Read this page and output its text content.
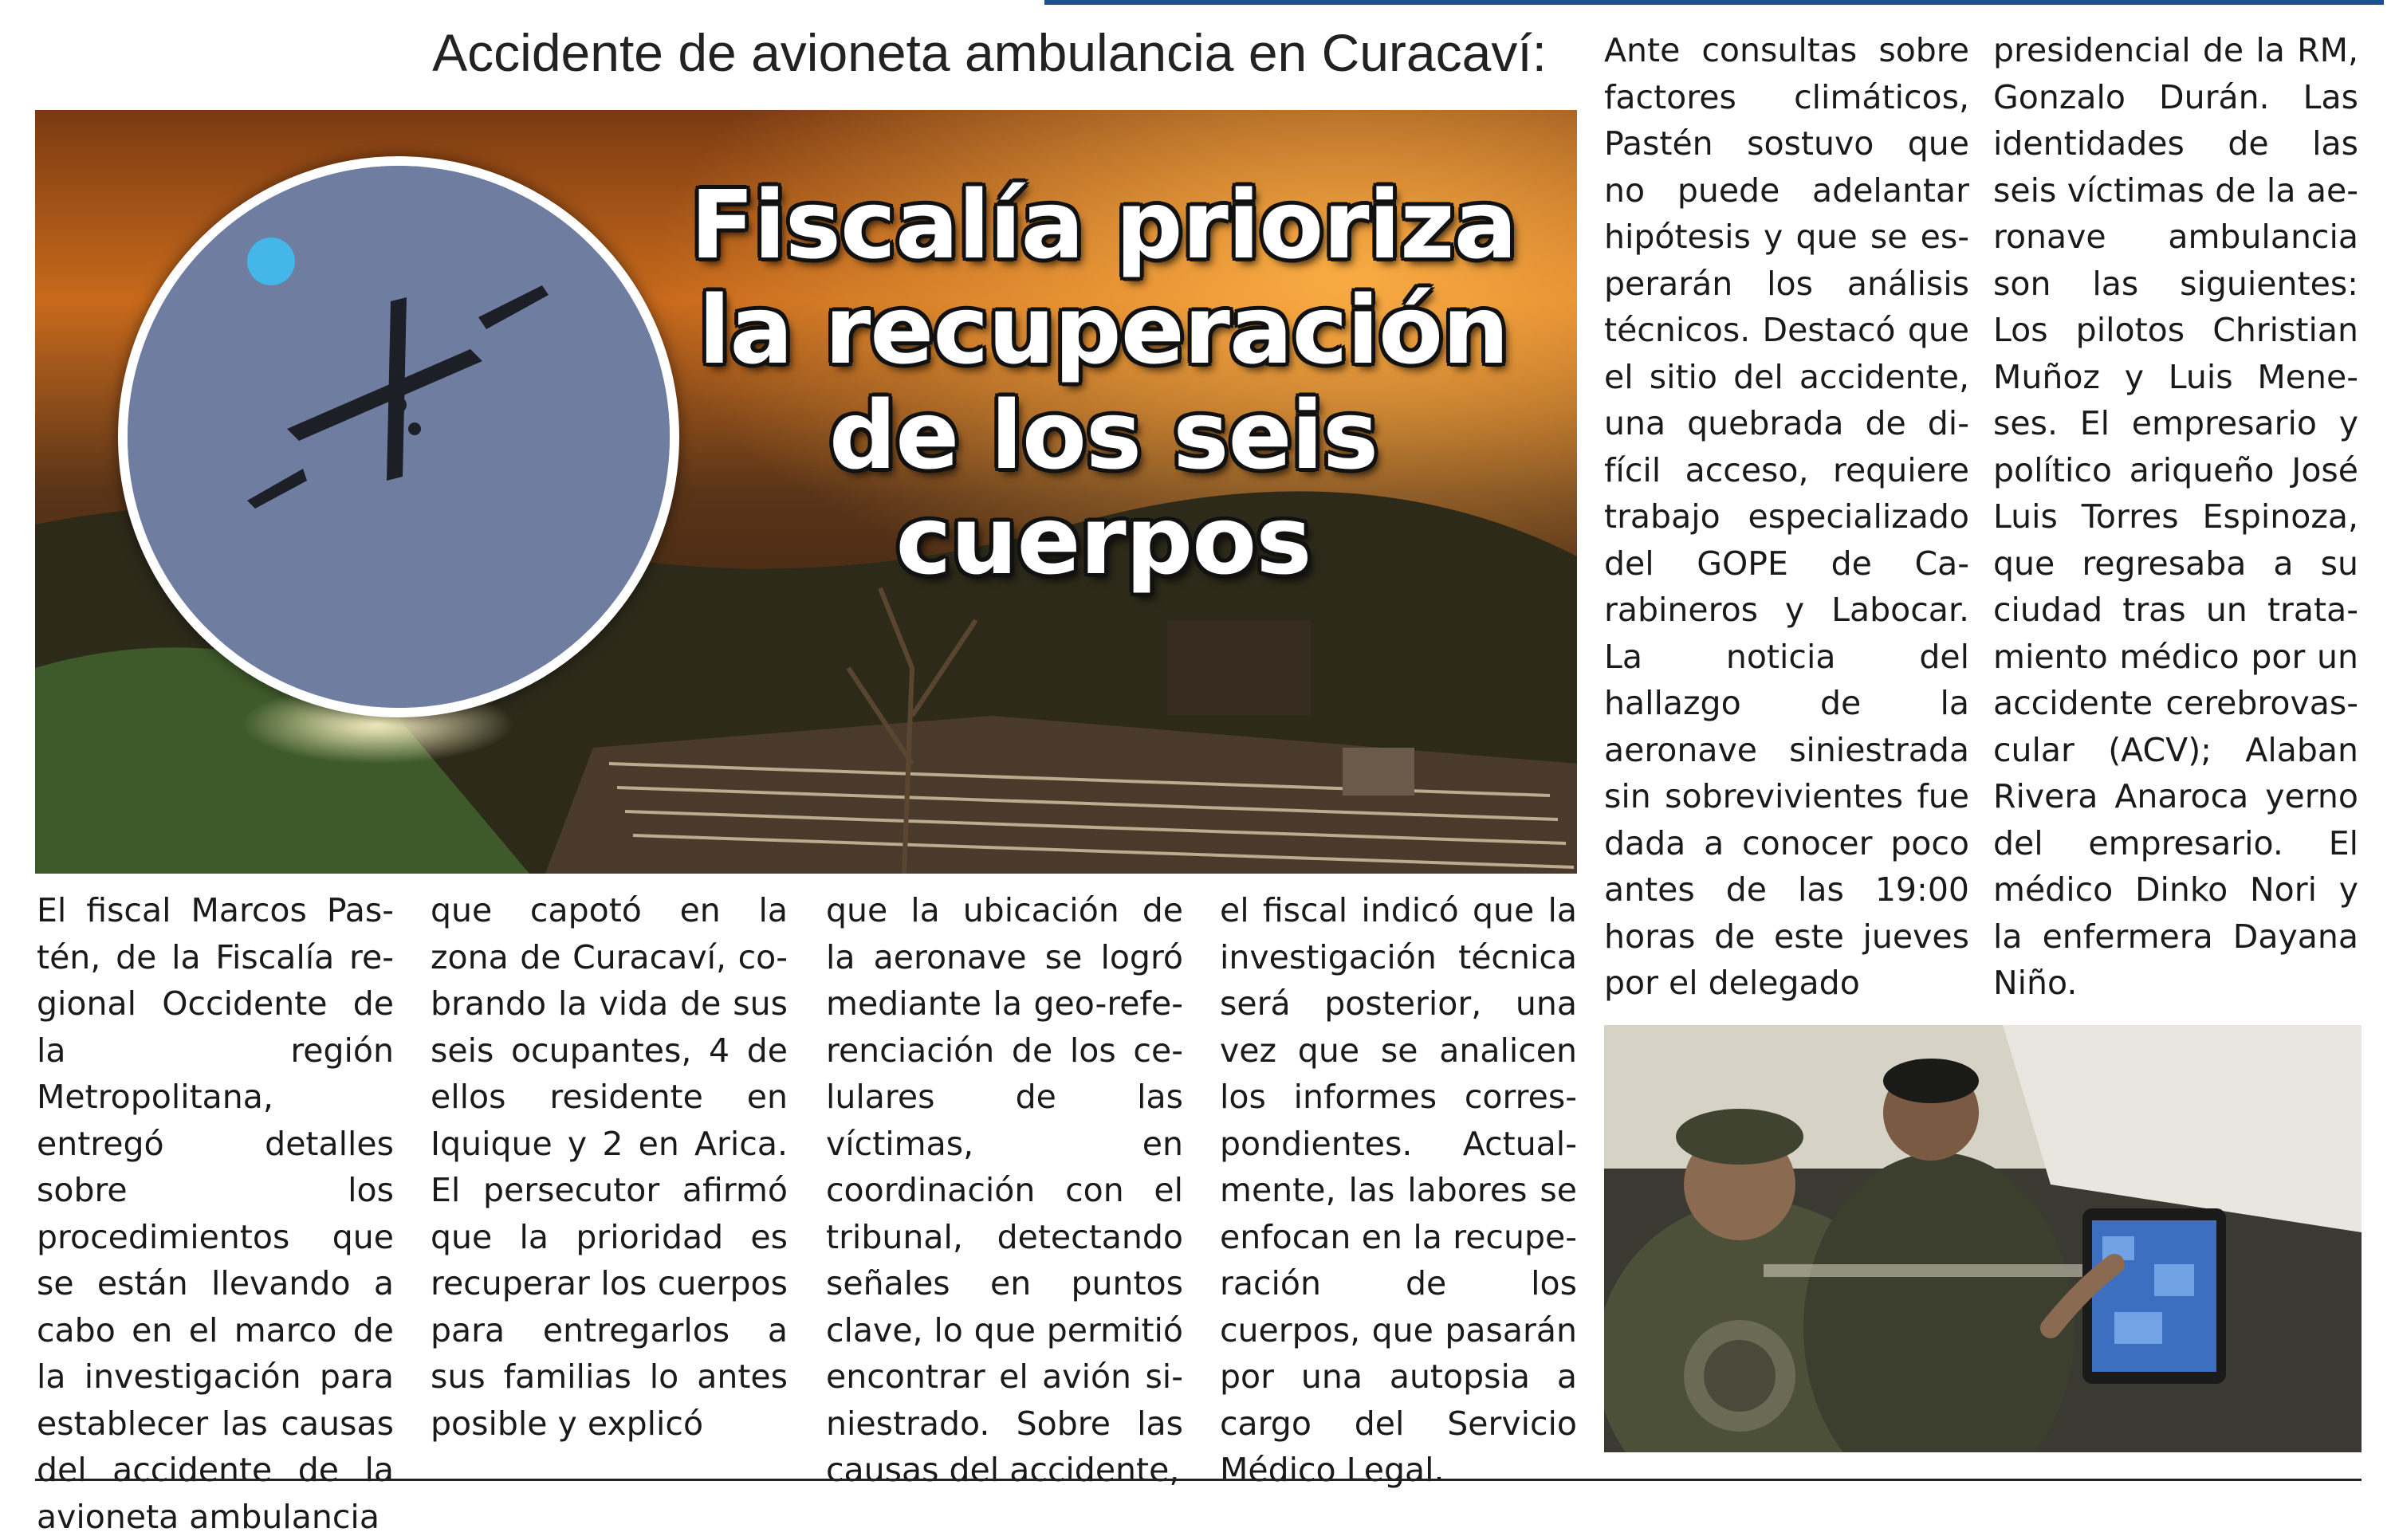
Accidente de avioneta ambulancia en Curacaví:
Fiscalía prioriza
la recuperación
de los seis cuerpos

El fiscal Marcos Pastén, de la Fiscalía regional Occidente de la región Metropolitana, entregó detalles sobre los procedimientos que se están llevando a cabo en el marco de la investigación para establecer las causas del accidente de la avioneta ambulancia

que capotó en la zona de Curacaví, cobrando la vida de sus seis ocupantes, 4 de ellos residente en Iquique y 2 en Arica. El persecutor afirmó que la prioridad es recuperar los cuerpos para entregarlos a sus familias lo antes posible y explicó

que la ubicación de la aeronave se logró mediante la geo-referenciación de los celulares de las víctimas, en coordinación con el tribunal, detectando señales en puntos clave, lo que permitió encontrar el avión siniestrado. Sobre las causas del accidente,

el fiscal indicó que la investigación técnica será posterior, una vez que se analicen los informes correspondientes. Actualmente, las labores se enfocan en la recuperación de los cuerpos, que pasarán por una autopsia a cargo del Servicio Médico Legal.

Ante consultas sobre factores climáticos, Pastén sostuvo que no puede adelantar hipótesis y que se esperarán los análisis técnicos. Destacó que el sitio del accidente, una quebrada de difícil acceso, requiere trabajo especializado del GOPE de Carabineros y Labocar. La noticia del hallazgo de la aeronave siniestrada sin sobrevivientes fue dada a conocer poco antes de las 19:00 horas de este jueves por el delegado

presidencial de la RM, Gonzalo Durán. Las identidades de las seis víctimas de la aeronave ambulancia son las siguientes: Los pilotos Christian Muñoz y Luis Meneses. El empresario y político ariqueño José Luis Torres Espinoza, que regresaba a su ciudad tras un tratamiento médico por un accidente cerebrovascular (ACV); Alaban Rivera Anaroca yerno del empresario. El médico Dinko Nori y la enfermera Dayana Niño.
